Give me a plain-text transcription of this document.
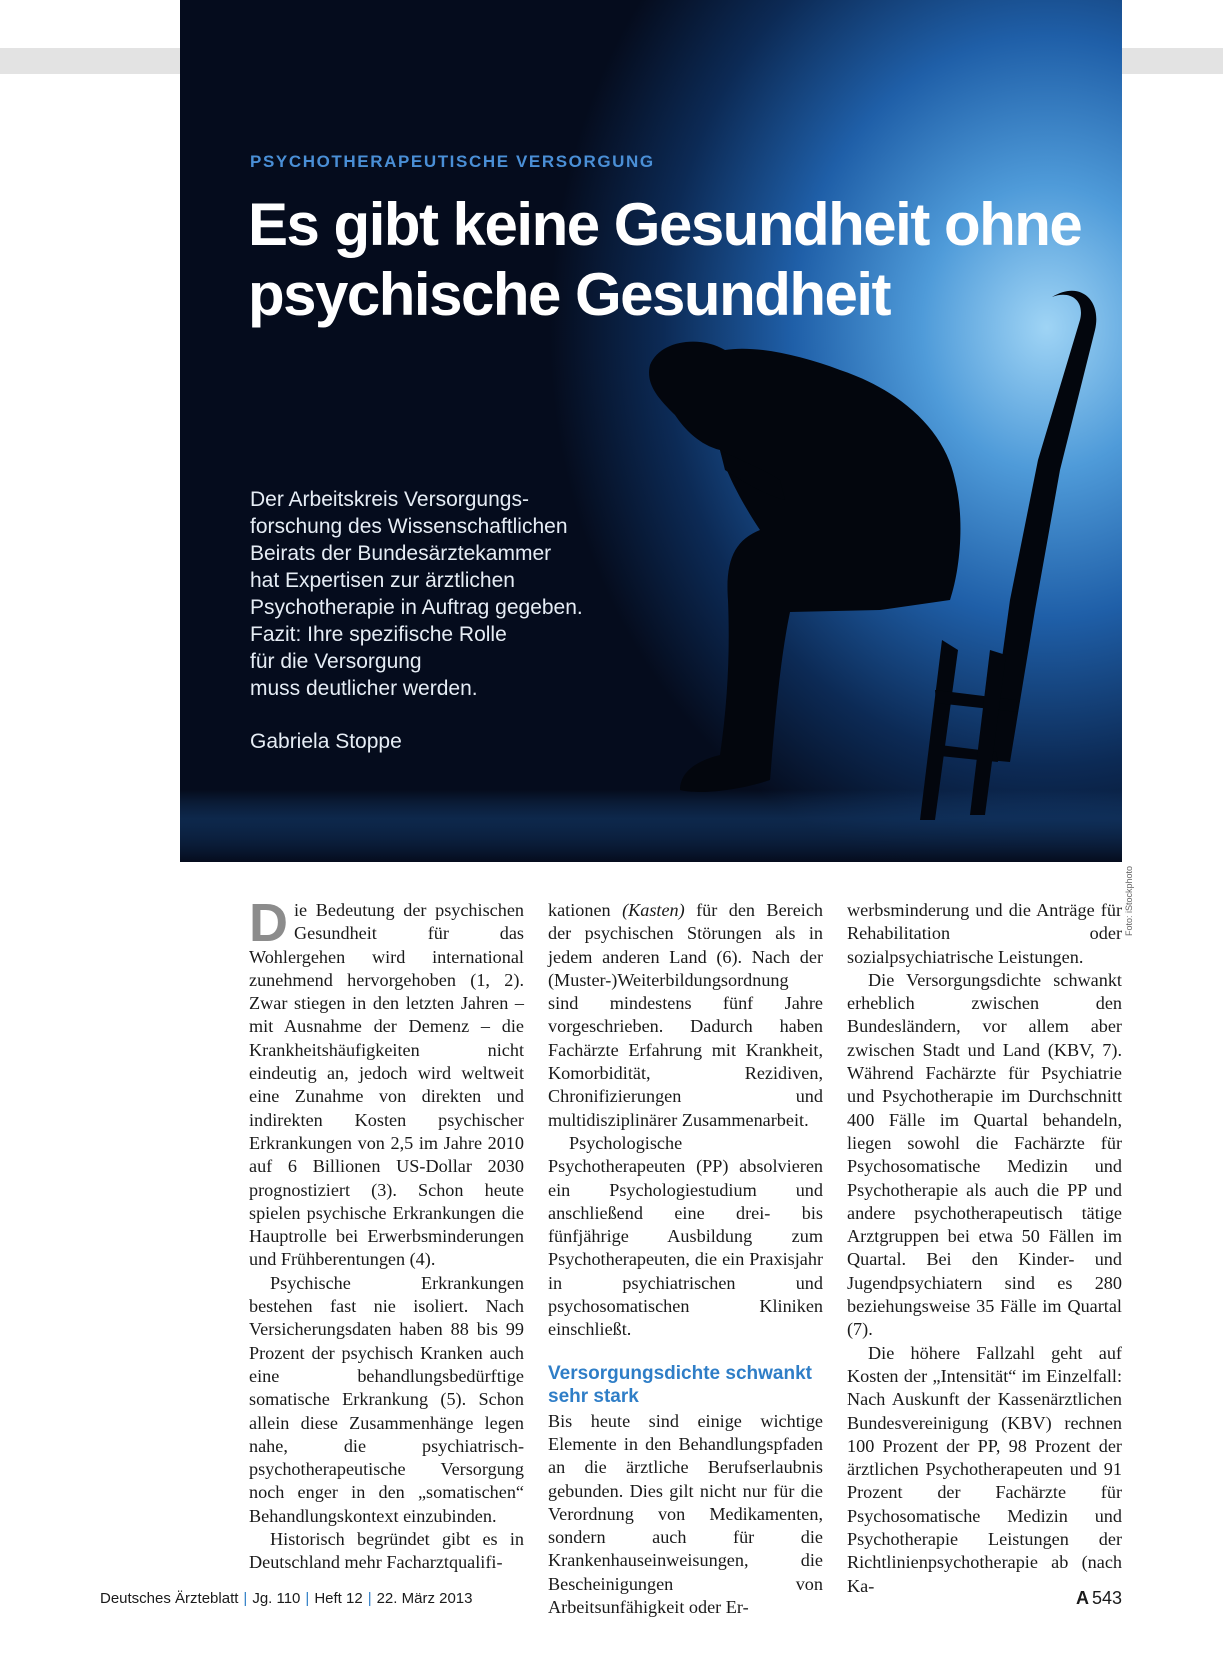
PSYCHOTHERAPEUTISCHE VERSORGUNG
Es gibt keine Gesundheit ohne
psychische Gesundheit
Der Arbeitskreis Versorgungs-
forschung des Wissenschaftlichen
Beirats der Bundesärztekammer
hat Expertisen zur ärztlichen
Psychotherapie in Auftrag gegeben.
Fazit: Ihre spezifische Rolle
für die Versorgung
muss deutlicher werden.
Gabriela Stoppe
Foto: iStockphoto

Die Bedeutung der psychischen Gesundheit für das Wohlergehen wird international zunehmend hervorgehoben (1, 2). Zwar stiegen in den letzten Jahren – mit Ausnahme der Demenz – die Krankheitshäufigkeiten nicht eindeutig an, jedoch wird weltweit eine Zunahme von direkten und indirekten Kosten psychischer Erkrankungen von 2,5 im Jahre 2010 auf 6 Billionen US-Dollar 2030 prognostiziert (3). Schon heute spielen psychische Erkrankungen die Hauptrolle bei Erwerbsminderungen und Frühberentungen (4).

Psychische Erkrankungen bestehen fast nie isoliert. Nach Versicherungsdaten haben 88 bis 99 Prozent der psychisch Kranken auch eine behandlungsbedürftige somatische Erkrankung (5). Schon allein diese Zusammenhänge legen nahe, die psychiatrisch-psychotherapeutische Versorgung noch enger in den „somatischen“ Behandlungskontext einzubinden.

Historisch begründet gibt es in Deutschland mehr Facharztqualifi-

kationen (Kasten) für den Bereich der psychischen Störungen als in jedem anderen Land (6). Nach der (Muster-)Weiterbildungsordnung sind mindestens fünf Jahre vorgeschrieben. Dadurch haben Fachärzte Erfahrung mit Krankheit, Komorbidität, Rezidiven, Chronifizierungen und multidisziplinärer Zusammenarbeit.

Psychologische Psychotherapeuten (PP) absolvieren ein Psychologiestudium und anschließend eine drei- bis fünfjährige Ausbildung zum Psychotherapeuten, die ein Praxisjahr in psychiatrischen und psychosomatischen Kliniken einschließt.

Versorgungsdichte schwankt sehr stark

Bis heute sind einige wichtige Elemente in den Behandlungspfaden an die ärztliche Berufserlaubnis gebunden. Dies gilt nicht nur für die Verordnung von Medikamenten, sondern auch für die Krankenhauseinweisungen, die Bescheinigungen von Arbeitsunfähigkeit oder Er-

werbsminderung und die Anträge für Rehabilitation oder sozialpsychiatrische Leistungen.

Die Versorgungsdichte schwankt erheblich zwischen den Bundesländern, vor allem aber zwischen Stadt und Land (KBV, 7). Während Fachärzte für Psychiatrie und Psychotherapie im Durchschnitt 400 Fälle im Quartal behandeln, liegen sowohl die Fachärzte für Psychosomatische Medizin und Psychotherapie als auch die PP und andere psychotherapeutisch tätige Arztgruppen bei etwa 50 Fällen im Quartal. Bei den Kinder- und Jugendpsychiatern sind es 280 beziehungsweise 35 Fälle im Quartal (7).

Die höhere Fallzahl geht auf Kosten der „Intensität“ im Einzelfall: Nach Auskunft der Kassenärztlichen Bundesvereinigung (KBV) rechnen 100 Prozent der PP, 98 Prozent der ärztlichen Psychotherapeuten und 91 Prozent der Fachärzte für Psychosomatische Medizin und Psychotherapie Leistungen der Richtlinienpsychotherapie ab (nach Ka-

Deutsches Ärzteblatt | Jg. 110 | Heft 12 | 22. März 2013	A 543
